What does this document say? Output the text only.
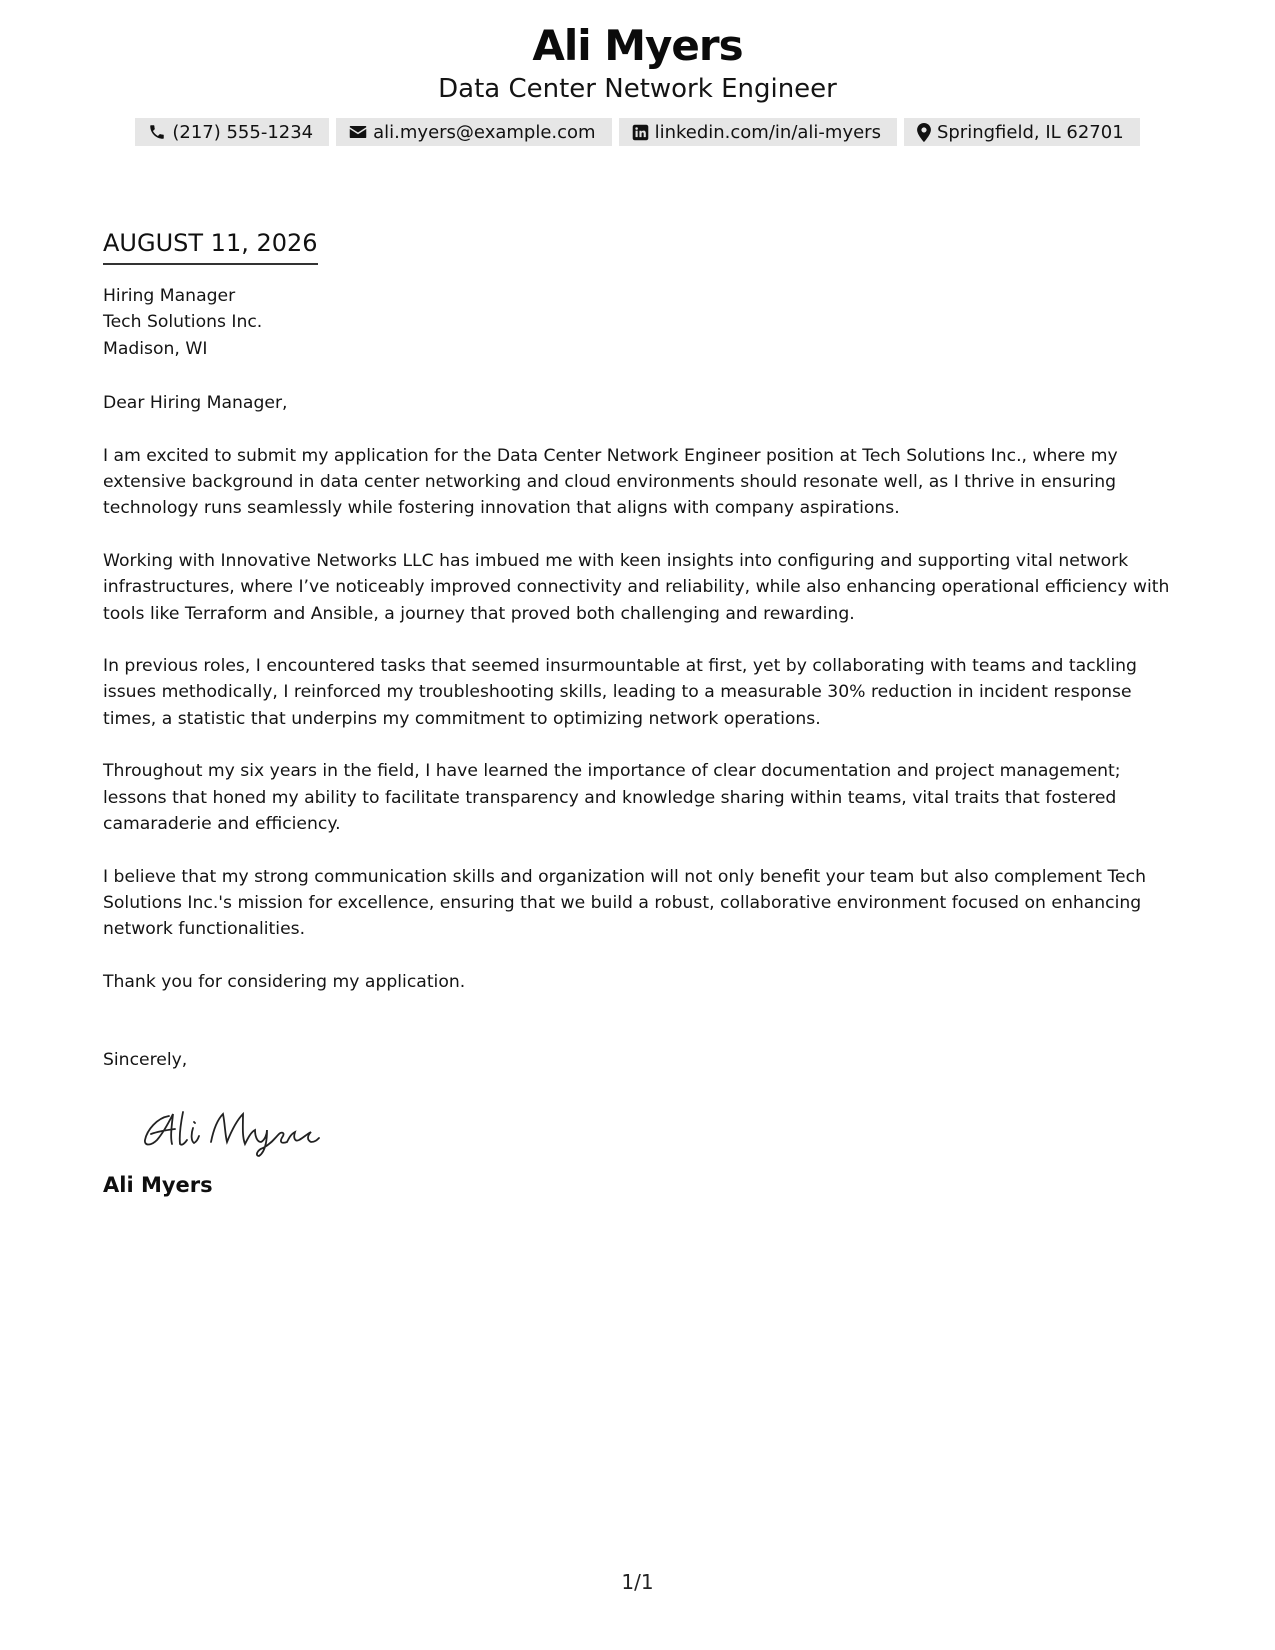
Ali Myers
Data Center Network Engineer
(217) 555-1234	ali.myers@example.com	linkedin.com/in/ali-myers	Springfield, IL 62701
AUGUST 11, 2026
Hiring Manager
Tech Solutions Inc.
Madison, WI
Dear Hiring Manager,
I am excited to submit my application for the Data Center Network Engineer position at Tech Solutions Inc., where my extensive background in data center networking and cloud environments should resonate well, as I thrive in ensuring technology runs seamlessly while fostering innovation that aligns with company aspirations.
Working with Innovative Networks LLC has imbued me with keen insights into configuring and supporting vital network infrastructures, where I’ve noticeably improved connectivity and reliability, while also enhancing operational efficiency with tools like Terraform and Ansible, a journey that proved both challenging and rewarding.
In previous roles, I encountered tasks that seemed insurmountable at first, yet by collaborating with teams and tackling issues methodically, I reinforced my troubleshooting skills, leading to a measurable 30% reduction in incident response times, a statistic that underpins my commitment to optimizing network operations.
Throughout my six years in the field, I have learned the importance of clear documentation and project management; lessons that honed my ability to facilitate transparency and knowledge sharing within teams, vital traits that fostered camaraderie and efficiency.
I believe that my strong communication skills and organization will not only benefit your team but also complement Tech Solutions Inc.'s mission for excellence, ensuring that we build a robust, collaborative environment focused on enhancing network functionalities.
Thank you for considering my application.
Sincerely,
Ali Myers
1/1
